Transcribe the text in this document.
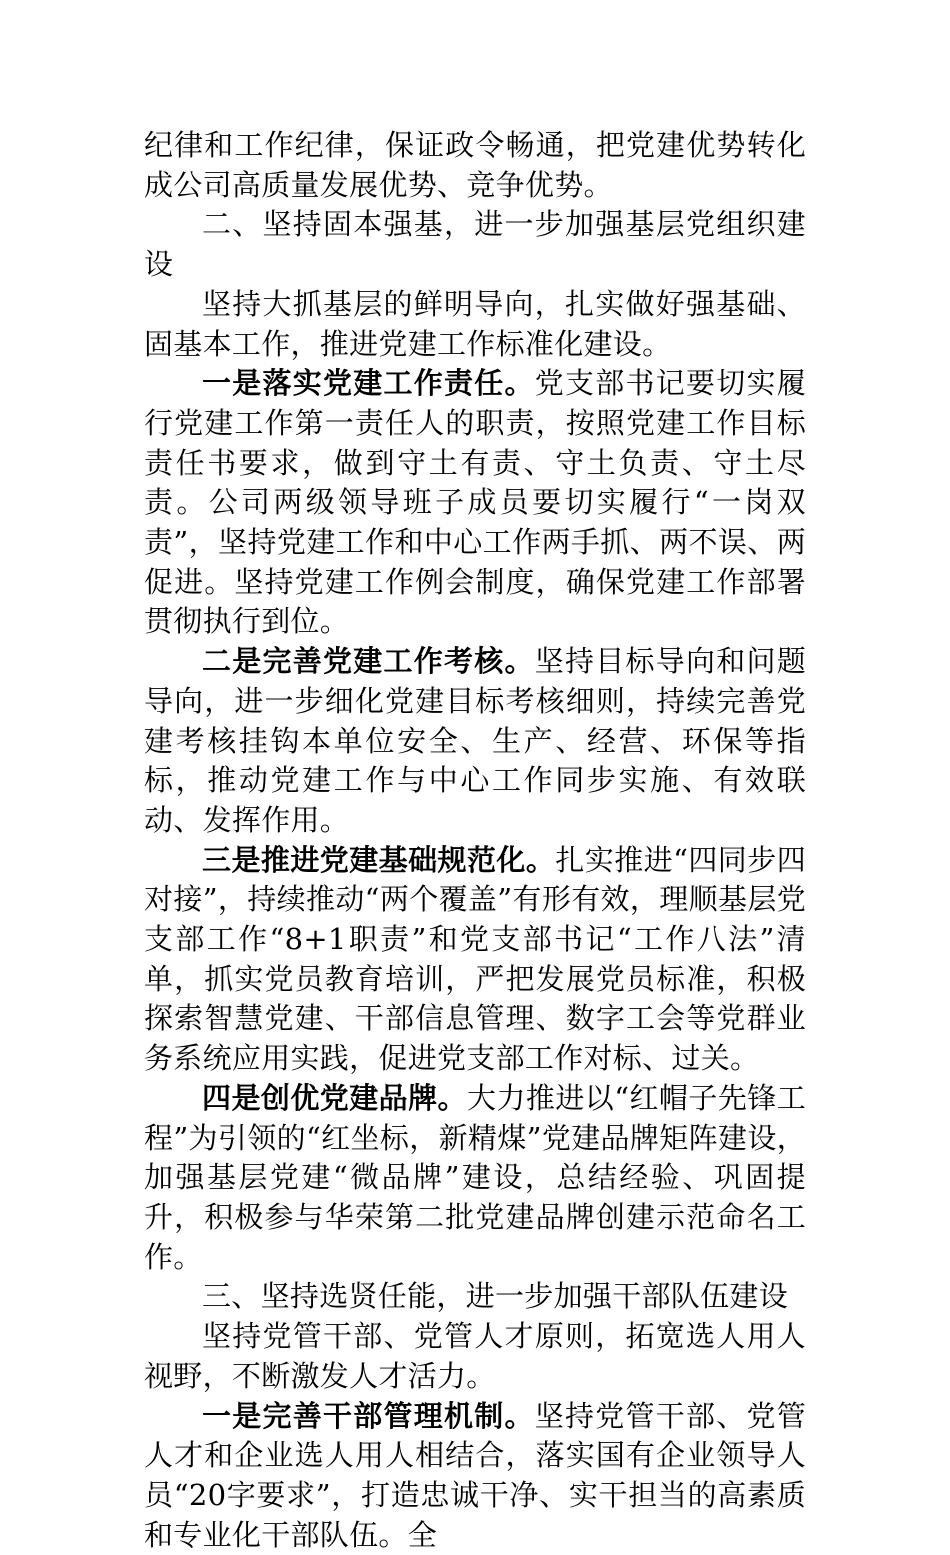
纪律和工作纪律，保证政令畅通，把党建优势转化成公司高质量发展优势、竞争优势。

二、坚持固本强基，进一步加强基层党组织建设

坚持大抓基层的鲜明导向，扎实做好强基础、固基本工作，推进党建工作标准化建设。

一是落实党建工作责任。党支部书记要切实履行党建工作第一责任人的职责，按照党建工作目标责任书要求，做到守土有责、守土负责、守土尽责。公司两级领导班子成员要切实履行“一岗双责”，坚持党建工作和中心工作两手抓、两不误、两促进。坚持党建工作例会制度，确保党建工作部署贯彻执行到位。

二是完善党建工作考核。坚持目标导向和问题导向，进一步细化党建目标考核细则，持续完善党建考核挂钩本单位安全、生产、经营、环保等指标，推动党建工作与中心工作同步实施、有效联动、发挥作用。

三是推进党建基础规范化。扎实推进“四同步四对接”，持续推动“两个覆盖”有形有效，理顺基层党支部工作“8+1职责”和党支部书记“工作八法”清单，抓实党员教育培训，严把发展党员标准，积极探索智慧党建、干部信息管理、数字工会等党群业务系统应用实践，促进党支部工作对标、过关。

四是创优党建品牌。大力推进以“红帽子先锋工程”为引领的“红坐标，新精煤”党建品牌矩阵建设，加强基层党建“微品牌”建设，总结经验、巩固提升，积极参与华荣第二批党建品牌创建示范命名工作。

三、坚持选贤任能，进一步加强干部队伍建设

坚持党管干部、党管人才原则，拓宽选人用人视野，不断激发人才活力。

一是完善干部管理机制。坚持党管干部、党管人才和企业选人用人相结合，落实国有企业领导人员“20字要求”，打造忠诚干净、实干担当的高素质和专业化干部队伍。全
